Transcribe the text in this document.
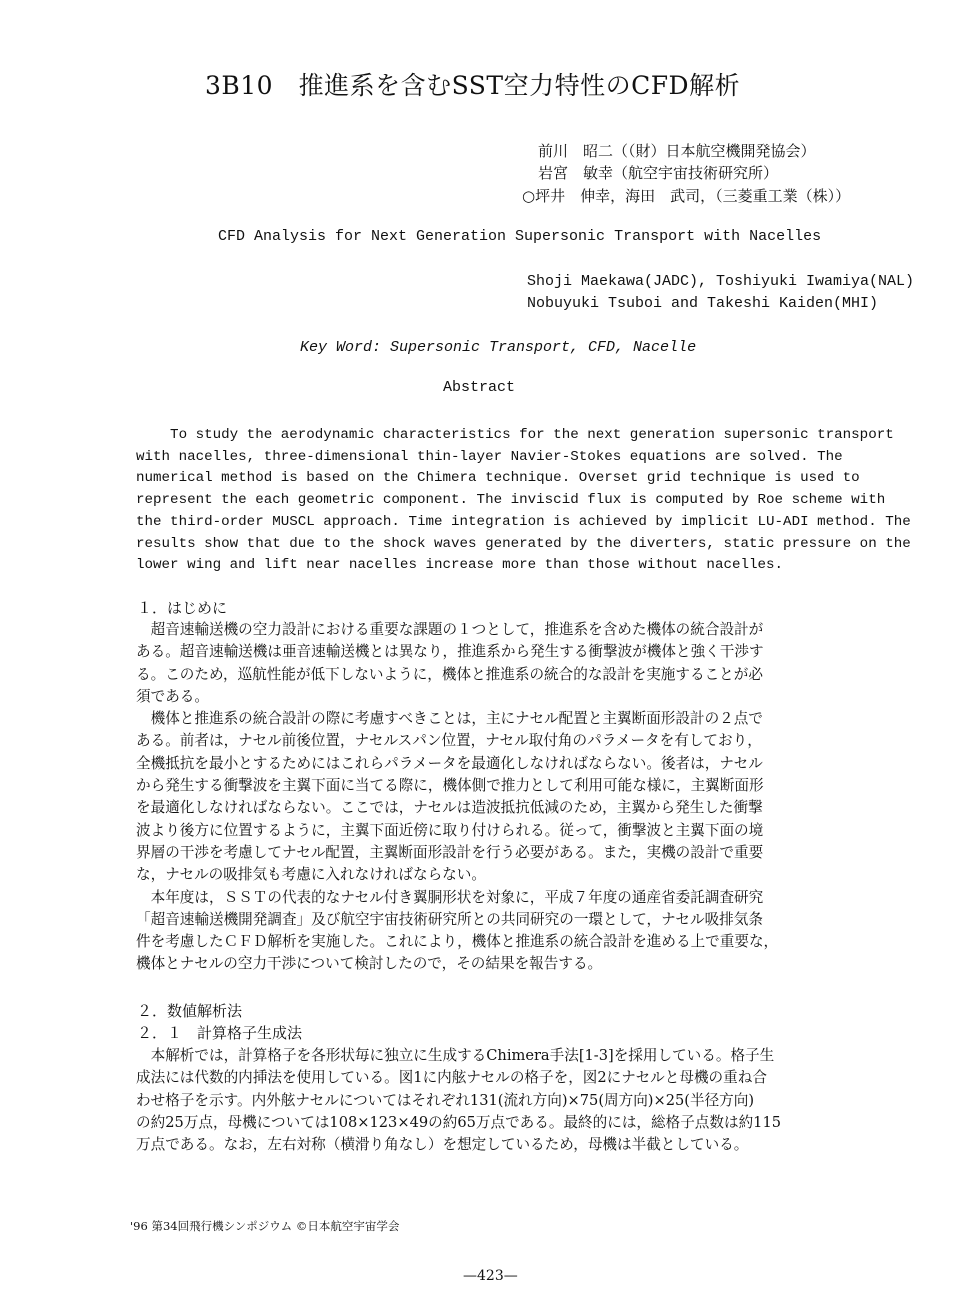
3B10　推進系を含むSST空力特性のCFD解析
前川　昭二（（財）日本航空機開発協会）
岩宮　敏幸（航空宇宙技術研究所）
○坪井　伸幸，海田　武司，（三菱重工業（株））
CFD Analysis for Next Generation Supersonic Transport with Nacelles
Shoji Maekawa(JADC), Toshiyuki Iwamiya(NAL)
Nobuyuki Tsuboi and Takeshi Kaiden(MHI)
Key Word: Supersonic Transport, CFD, Nacelle
Abstract
To study the aerodynamic characteristics for the next generation supersonic transport
with nacelles, three-dimensional thin-layer Navier-Stokes equations are solved. The
numerical method is based on the Chimera technique. Overset grid technique is used to
represent the each geometric component. The inviscid flux is computed by Roe scheme with
the third-order MUSCL approach. Time integration is achieved by implicit LU-ADI method. The
results show that due to the shock waves generated by the diverters, static pressure on the
lower wing and lift near nacelles increase more than those without nacelles.
１．はじめに
　超音速輸送機の空力設計における重要な課題の１つとして，推進系を含めた機体の統合設計が
ある。超音速輸送機は亜音速輸送機とは異なり，推進系から発生する衝撃波が機体と強く干渉す
る。このため，巡航性能が低下しないように，機体と推進系の統合的な設計を実施することが必
須である。
　機体と推進系の統合設計の際に考慮すべきことは，主にナセル配置と主翼断面形設計の２点で
ある。前者は，ナセル前後位置，ナセルスパン位置，ナセル取付角のパラメータを有しており，
全機抵抗を最小とするためにはこれらパラメータを最適化しなければならない。後者は，ナセル
から発生する衝撃波を主翼下面に当てる際に，機体側で推力として利用可能な様に，主翼断面形
を最適化しなければならない。ここでは，ナセルは造波抵抗低減のため，主翼から発生した衝撃
波より後方に位置するように，主翼下面近傍に取り付けられる。従って，衝撃波と主翼下面の境
界層の干渉を考慮してナセル配置，主翼断面形設計を行う必要がある。また，実機の設計で重要
な，ナセルの吸排気も考慮に入れなければならない。
　本年度は，ＳＳＴの代表的なナセル付き翼胴形状を対象に，平成７年度の通産省委託調査研究
「超音速輸送機開発調査」及び航空宇宙技術研究所との共同研究の一環として，ナセル吸排気条
件を考慮したＣＦＤ解析を実施した。これにより，機体と推進系の統合設計を進める上で重要な，
機体とナセルの空力干渉について検討したので，その結果を報告する。
２．数値解析法
２．１　計算格子生成法
　本解析では，計算格子を各形状毎に独立に生成するChimera手法[1-3]を採用している。格子生
成法には代数的内挿法を使用している。図1に内舷ナセルの格子を，図2にナセルと母機の重ね合
わせ格子を示す。内外舷ナセルについてはそれぞれ131(流れ方向)×75(周方向)×25(半径方向)
の約25万点，母機については108×123×49の約65万点である。最終的には，総格子点数は約115
万点である。なお，左右対称（横滑り角なし）を想定しているため，母機は半截としている。
'96 第34回飛行機シンポジウム ©日本航空宇宙学会
—423—
